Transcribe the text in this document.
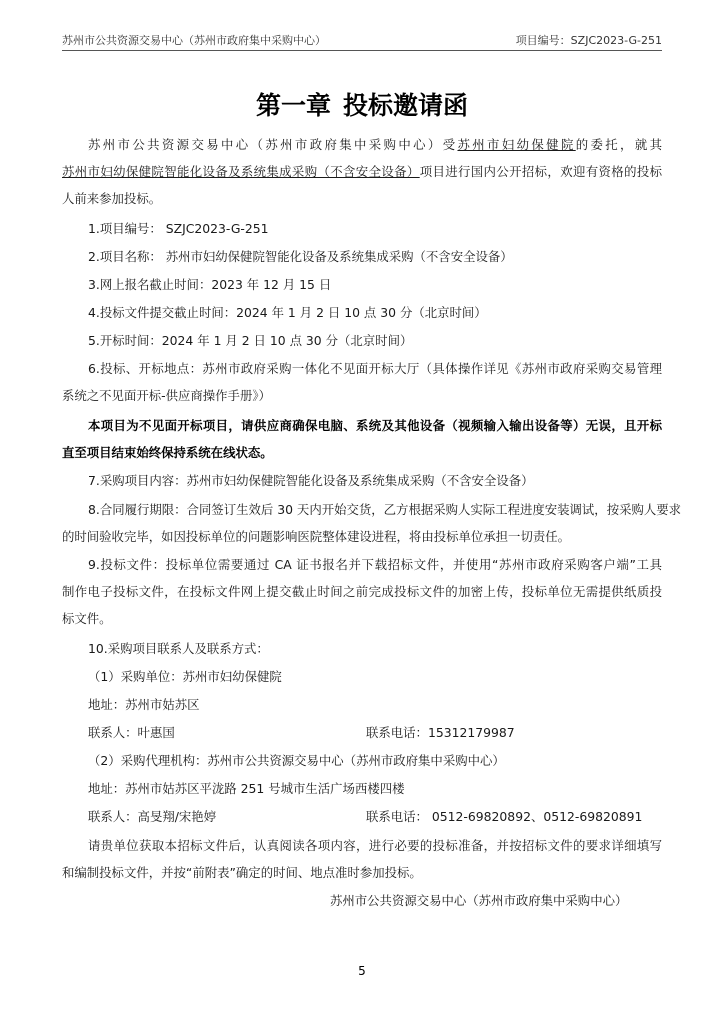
苏州市公共资源交易中心（苏州市政府集中采购中心）	项目编号：SZJC2023-G-251
第一章 投标邀请函
苏州市公共资源交易中心（苏州市政府集中采购中心）受苏州市妇幼保健院的委托，就其
苏州市妇幼保健院智能化设备及系统集成采购（不含安全设备）项目进行国内公开招标，欢迎有资格的投标
人前来参加投标。
1.项目编号： SZJC2023-G-251
2.项目名称： 苏州市妇幼保健院智能化设备及系统集成采购（不含安全设备）
3.网上报名截止时间：2023 年 12 月 15 日
4.投标文件提交截止时间：2024 年 1 月 2 日 10 点 30 分（北京时间）
5.开标时间：2024 年 1 月 2 日 10 点 30 分（北京时间）
6.投标、开标地点：苏州市政府采购一体化不见面开标大厅（具体操作详见《苏州市政府采购交易管理
系统之不见面开标-供应商操作手册》）
本项目为不见面开标项目，请供应商确保电脑、系统及其他设备（视频输入输出设备等）无误，且开标
直至项目结束始终保持系统在线状态。
7.采购项目内容：苏州市妇幼保健院智能化设备及系统集成采购（不含安全设备）
8.合同履行期限：合同签订生效后 30 天内开始交货，乙方根据采购人实际工程进度安装调试，按采购人要求
的时间验收完毕，如因投标单位的问题影响医院整体建设进程，将由投标单位承担一切责任。
9.投标文件：投标单位需要通过 CA 证书报名并下载招标文件，并使用“苏州市政府采购客户端”工具
制作电子投标文件，在投标文件网上提交截止时间之前完成投标文件的加密上传，投标单位无需提供纸质投
标文件。
10.采购项目联系人及联系方式：
（1）采购单位：苏州市妇幼保健院
地址：苏州市姑苏区
联系人：叶惠国	联系电话：15312179987
（2）采购代理机构：苏州市公共资源交易中心（苏州市政府集中采购中心）
地址：苏州市姑苏区平泷路 251 号城市生活广场西楼四楼
联系人：高旻翔/宋艳婷	联系电话： 0512-69820892、0512-69820891
请贵单位获取本招标文件后，认真阅读各项内容，进行必要的投标准备，并按招标文件的要求详细填写
和编制投标文件，并按“前附表”确定的时间、地点准时参加投标。
苏州市公共资源交易中心（苏州市政府集中采购中心）
5
